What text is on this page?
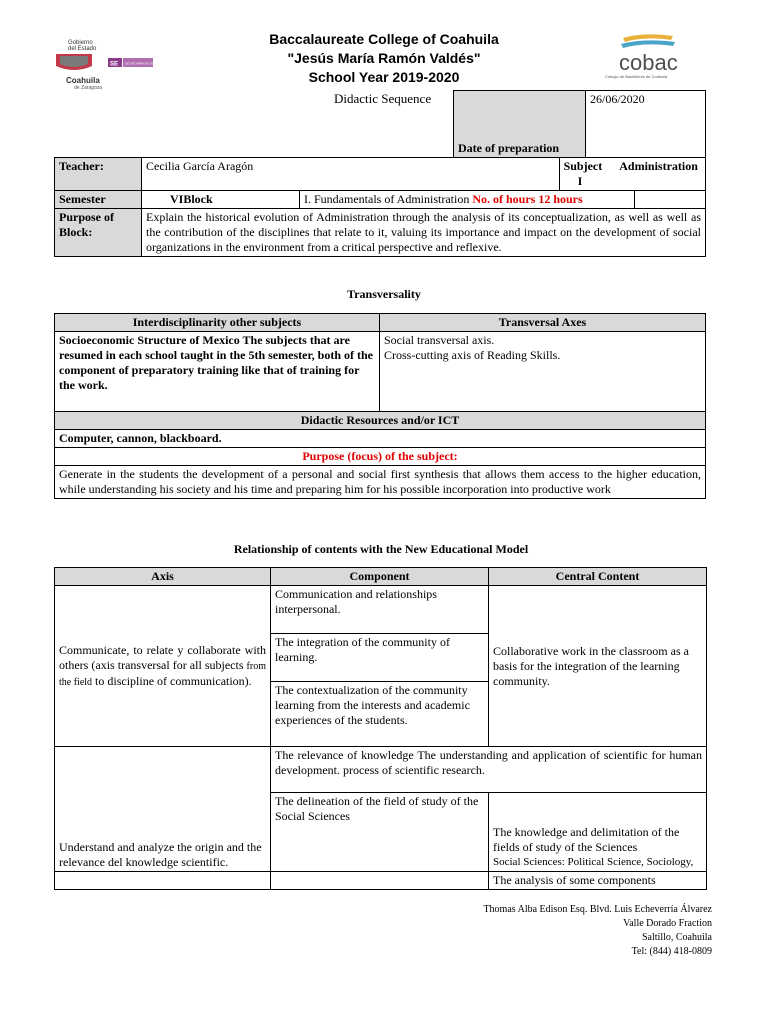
Gobierno
del Estado
SE SECRETARÍA DE EDUCACIÓN
Coahuila
de Zaragoza
Baccalaureate College of Coahuila
"Jesús María Ramón Valdés"
School Year 2019-2020
cobac
Colegio de Bachilleres de Coahuila
Didactic Sequence
Date of preparation	26/06/2020
Teacher:	Cecilia García Aragón		Subject Administration I	
Semester	VIBlock	I. Fundamentals of Administration No. of hours 12 hours		
Purpose of Block:	Explain the historical evolution of Administration through the analysis of its conceptualization, as well as well as the contribution of the disciplines that relate to it, valuing its importance and impact on the development of social organizations in the environment from a critical perspective and reflexive.			
Transversality
Interdisciplinarity other subjects	Transversal Axes
Socioeconomic Structure of Mexico The subjects that are resumed in each school taught in the 5th semester, both of the component of preparatory training like that of training for the work.	Social transversal axis.
Cross-cutting axis of Reading Skills.

Didactic Resources and/or ICT	
Computer, cannon, blackboard.	
Purpose (focus) of the subject:	
Generate in the students the development of a personal and social first synthesis that allows them access to the higher education, while understanding his society and his time and preparing him for his possible incorporation into productive work	
Relationship of contents with the New Educational Model
Axis	Component	Central Content
Communicate, to relate y collaborate with others (axis transversal for all subjects from the field to discipline of communication).	Communication and relationships interpersonal.	Collaborative work in the classroom as a basis for the integration of the learning community.
	The integration of the community of learning.	
	The contextualization of the community learning from the interests and academic experiences of the students.	
Understand and analyze the origin and the relevance del knowledge scientific.	The relevance of knowledge The understanding and application of scientific for human development. process of scientific research.	
	The delineation of the field of study of the Social Sciences	The knowledge and delimitation of the fields of study of the Sciences
Social Sciences: Political Science, Sociology,

		The analysis of some components
Thomas Alba Edison Esq. Blvd. Luis Echeverría Álvarez
Valle Dorado Fraction
Saltillo, Coahuila
Tel: (844) 418-0809
